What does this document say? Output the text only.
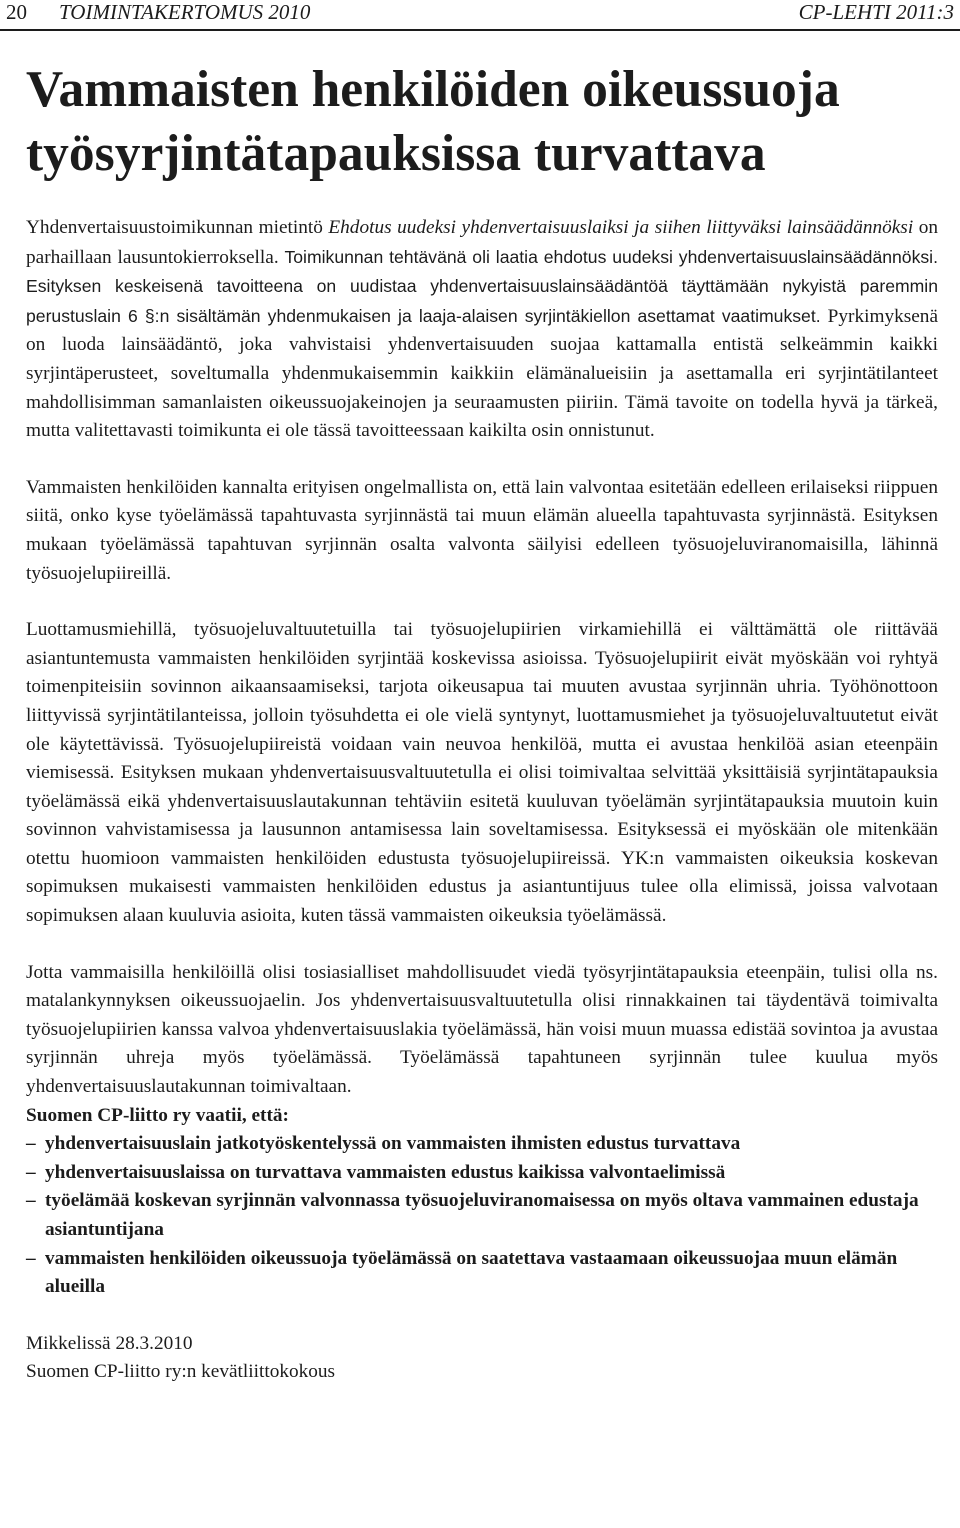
20 TOIMINTAKERTOMUS 2010	CP-LEHTI 2011:3
Vammaisten henkilöiden oikeussuoja työsyrjintätapauksissa turvattava

Yhdenvertaisuustoimikunnan mietintö Ehdotus uudeksi yhdenvertaisuuslaiksi ja siihen liittyväksi lainsäädännöksi on parhaillaan lausuntokierroksella. Toimikunnan tehtävänä oli laatia ehdotus uudeksi yhdenvertaisuuslainsäädännöksi. Esityksen keskeisenä tavoitteena on uudistaa yhdenvertaisuuslainsäädäntöä täyttämään nykyistä paremmin perustuslain 6 §:n sisältämän yhdenmukaisen ja laaja-alaisen syrjintäkiellon asettamat vaatimukset. Pyrkimyksenä on luoda lainsäädäntö, joka vahvistaisi yhdenvertaisuuden suojaa kattamalla entistä selkeämmin kaikki syrjintäperusteet, soveltumalla yhdenmukaisemmin kaikkiin elämänalueisiin ja asettamalla eri syrjintätilanteet mahdollisimman samanlaisten oikeussuojakeinojen ja seuraamusten piiriin. Tämä tavoite on todella hyvä ja tärkeä, mutta valitettavasti toimikunta ei ole tässä tavoitteessaan kaikilta osin onnistunut.

Vammaisten henkilöiden kannalta erityisen ongelmallista on, että lain valvontaa esitetään edelleen erilaiseksi riippuen siitä, onko kyse työelämässä tapahtuvasta syrjinnästä tai muun elämän alueella tapahtuvasta syrjinnästä. Esityksen mukaan työelämässä tapahtuvan syrjinnän osalta valvonta säilyisi edelleen työsuojeluviranomaisilla, lähinnä työsuojelupiireillä.

Luottamusmiehillä, työsuojeluvaltuutetuilla tai työsuojelupiirien virkamiehillä ei välttämättä ole riittävää asiantuntemusta vammaisten henkilöiden syrjintää koskevissa asioissa. Työsuojelupiirit eivät myöskään voi ryhtyä toimenpiteisiin sovinnon aikaansaamiseksi, tarjota oikeusapua tai muuten avustaa syrjinnän uhria. Työhönottoon liittyvissä syrjintätilanteissa, jolloin työsuhdetta ei ole vielä syntynyt, luottamusmiehet ja työsuojeluvaltuutetut eivät ole käytettävissä. Työsuojelupiireistä voidaan vain neuvoa henkilöä, mutta ei avustaa henkilöä asian eteenpäin viemisessä. Esityksen mukaan yhdenvertaisuusvaltuutetulla ei olisi toimivaltaa selvittää yksittäisiä syrjintätapauksia työelämässä eikä yhdenvertaisuuslautakunnan tehtäviin esitetä kuuluvan työelämän syrjintätapauksia muutoin kuin sovinnon vahvistamisessa ja lausunnon antamisessa lain soveltamisessa. Esityksessä ei myöskään ole mitenkään otettu huomioon vammaisten henkilöiden edustusta työsuojelupiireissä. YK:n vammaisten oikeuksia koskevan sopimuksen mukaisesti vammaisten henkilöiden edustus ja asiantuntijuus tulee olla elimissä, joissa valvotaan sopimuksen alaan kuuluvia asioita, kuten tässä vammaisten oikeuksia työelämässä.

Jotta vammaisilla henkilöillä olisi tosiasialliset mahdollisuudet viedä työsyrjintätapauksia eteenpäin, tulisi olla ns. matalankynnyksen oikeussuojaelin. Jos yhdenvertaisuusvaltuutetulla olisi rinnakkainen tai täydentävä toimivalta työsuojelupiirien kanssa valvoa yhdenvertaisuuslakia työelämässä, hän voisi muun muassa edistää sovintoa ja avustaa syrjinnän uhreja myös työelämässä. Työelämässä tapahtuneen syrjinnän tulee kuulua myös yhdenvertaisuuslautakunnan toimivaltaan.

Suomen CP-liitto ry vaatii, että:
– yhdenvertaisuuslain jatkotyöskentelyssä on vammaisten ihmisten edustus turvattava
– yhdenvertaisuuslaissa on turvattava vammaisten edustus kaikissa valvontaelimissä
– työelämää koskevan syrjinnän valvonnassa työsuojeluviranomaisessa on myös oltava vammainen edustaja asiantuntijana
– vammaisten henkilöiden oikeussuoja työelämässä on saatettava vastaamaan oikeussuojaa muun elämän alueilla
Mikkelissä 28.3.2010
Suomen CP-liitto ry:n kevätliittokokous
